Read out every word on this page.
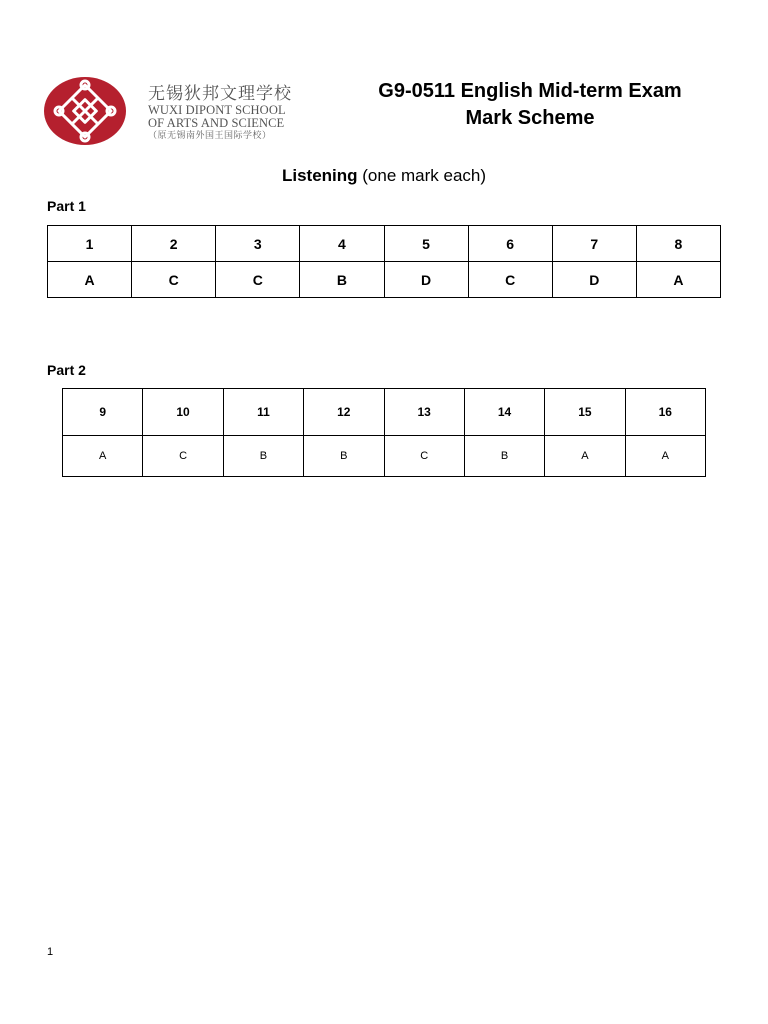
无锡狄邦文理学校
WUXI DIPONT SCHOOL
OF ARTS AND SCIENCE
（原无锡南外国王国际学校）
G9-0511 English Mid-term Exam
Mark Scheme
Listening (one mark each)
Part 1
1	2	3	4	5	6	7	8
A	C	C	B	D	C	D	A
Part 2
9	10	11	12	13	14	15	16
A	C	B	B	C	B	A	A
1
